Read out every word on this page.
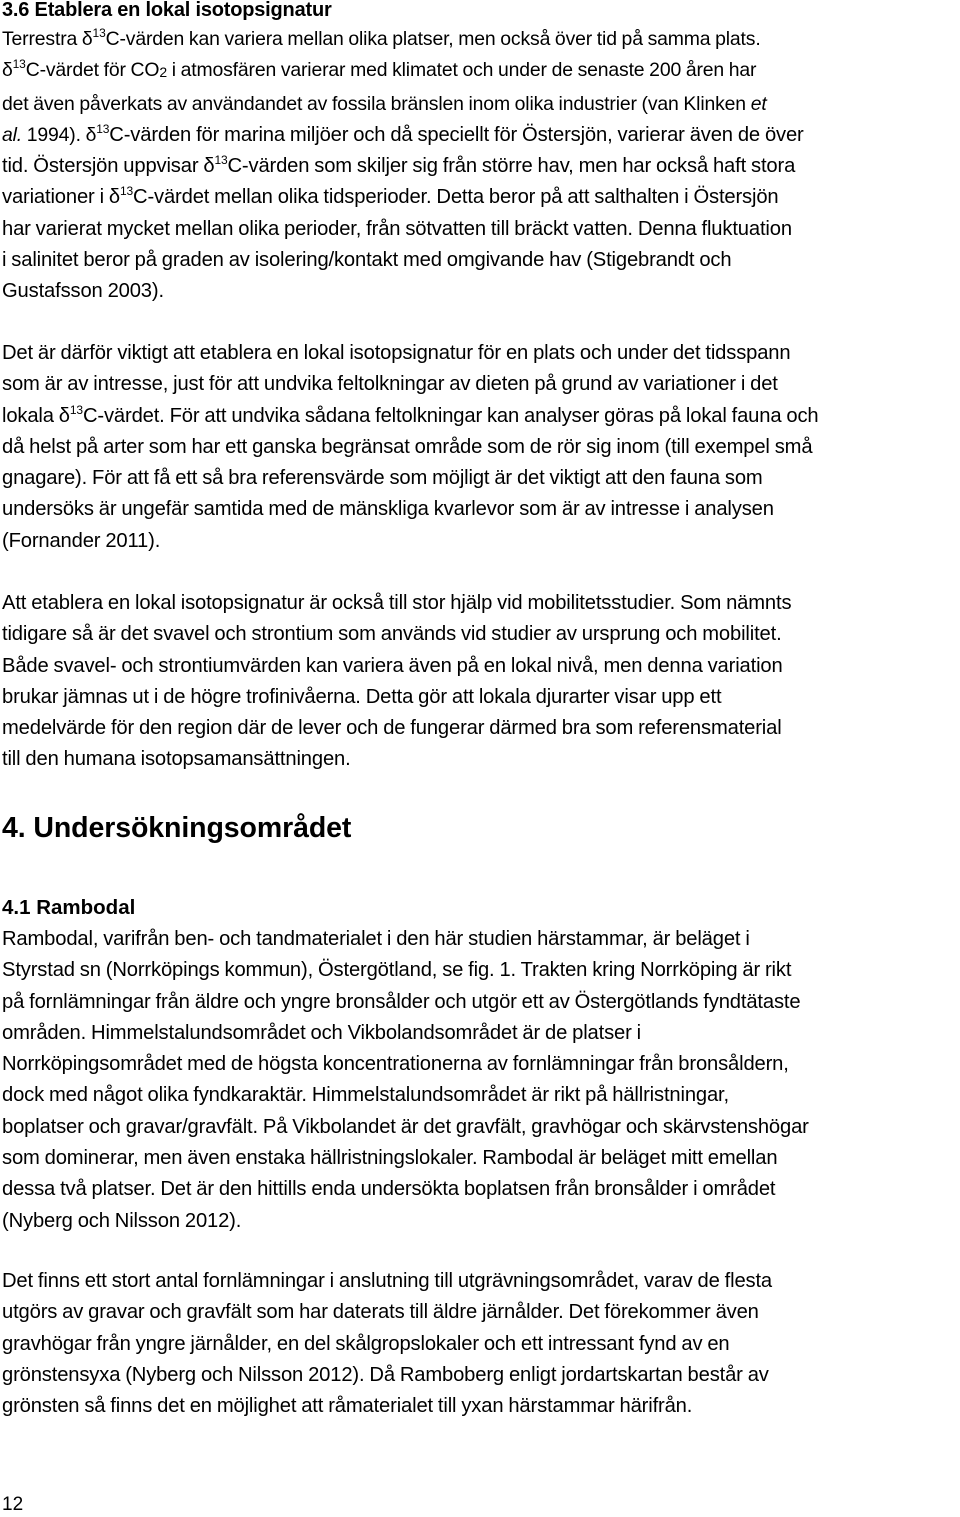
3.6 Etablera en lokal isotopsignatur
Terrestra $\delta^{13}C$-värden kan variera mellan olika platser, men också över tid på samma plats.
$\delta^{13}C$-värdet för CO2 i atmosfären varierar med klimatet och under de senaste 200 åren har
det även påverkats av användandet av fossila bränslen inom olika industrier (van Klinken et
al. 1994). $\delta^{13}C$-värden för marina miljöer och då speciellt för Östersjön, varierar även de över
tid. Östersjön uppvisar $\delta^{13}C$-värden som skiljer sig från större hav, men har också haft stora
variationer i $\delta^{13}C$-värdet mellan olika tidsperioder. Detta beror på att salthalten i Östersjön
har varierat mycket mellan olika perioder, från sötvatten till bräckt vatten. Denna fluktuation
i salinitet beror på graden av isolering/kontakt med omgivande hav (Stigebrandt och
Gustafsson 2003).
Det är därför viktigt att etablera en lokal isotopsignatur för en plats och under det tidsspann
som är av intresse, just för att undvika feltolkningar av dieten på grund av variationer i det
lokala $\delta^{13}C$-värdet. För att undvika sådana feltolkningar kan analyser göras på lokal fauna och
då helst på arter som har ett ganska begränsat område som de rör sig inom (till exempel små
gnagare). För att få ett så bra referensvärde som möjligt är det viktigt att den fauna som
undersöks är ungefär samtida med de mänskliga kvarlevor som är av intresse i analysen
(Fornander 2011).
Att etablera en lokal isotopsignatur är också till stor hjälp vid mobilitetsstudier. Som nämnts
tidigare så är det svavel och strontium som används vid studier av ursprung och mobilitet.
Både svavel- och strontiumvärden kan variera även på en lokal nivå, men denna variation
brukar jämnas ut i de högre trofinivåerna. Detta gör att lokala djurarter visar upp ett
medelvärde för den region där de lever och de fungerar därmed bra som referensmaterial
till den humana isotopsamansättningen.
4. Undersökningsområdet
4.1 Rambodal
Rambodal, varifrån ben- och tandmaterialet i den här studien härstammar, är beläget i
Styrstad sn (Norrköpings kommun), Östergötland, se fig. 1. Trakten kring Norrköping är rikt
på fornlämningar från äldre och yngre bronsålder och utgör ett av Östergötlands fyndtätaste
områden. Himmelstalundsområdet och Vikbolandsområdet är de platser i
Norrköpingsområdet med de högsta koncentrationerna av fornlämningar från bronsåldern,
dock med något olika fyndkaraktär. Himmelstalundsområdet är rikt på hällristningar,
boplatser och gravar/gravfält. På Vikbolandet är det gravfält, gravhögar och skärvstenshögar
som dominerar, men även enstaka hällristningslokaler. Rambodal är beläget mitt emellan
dessa två platser. Det är den hittills enda undersökta boplatsen från bronsålder i området
(Nyberg och Nilsson 2012).
Det finns ett stort antal fornlämningar i anslutning till utgrävningsområdet, varav de flesta
utgörs av gravar och gravfält som har daterats till äldre järnålder. Det förekommer även
gravhögar från yngre järnålder, en del skålgropslokaler och ett intressant fynd av en
grönstensyxa (Nyberg och Nilsson 2012). Då Ramboberg enligt jordartskartan består av
grönsten så finns det en möjlighet att råmaterialet till yxan härstammar härifrån.
12
